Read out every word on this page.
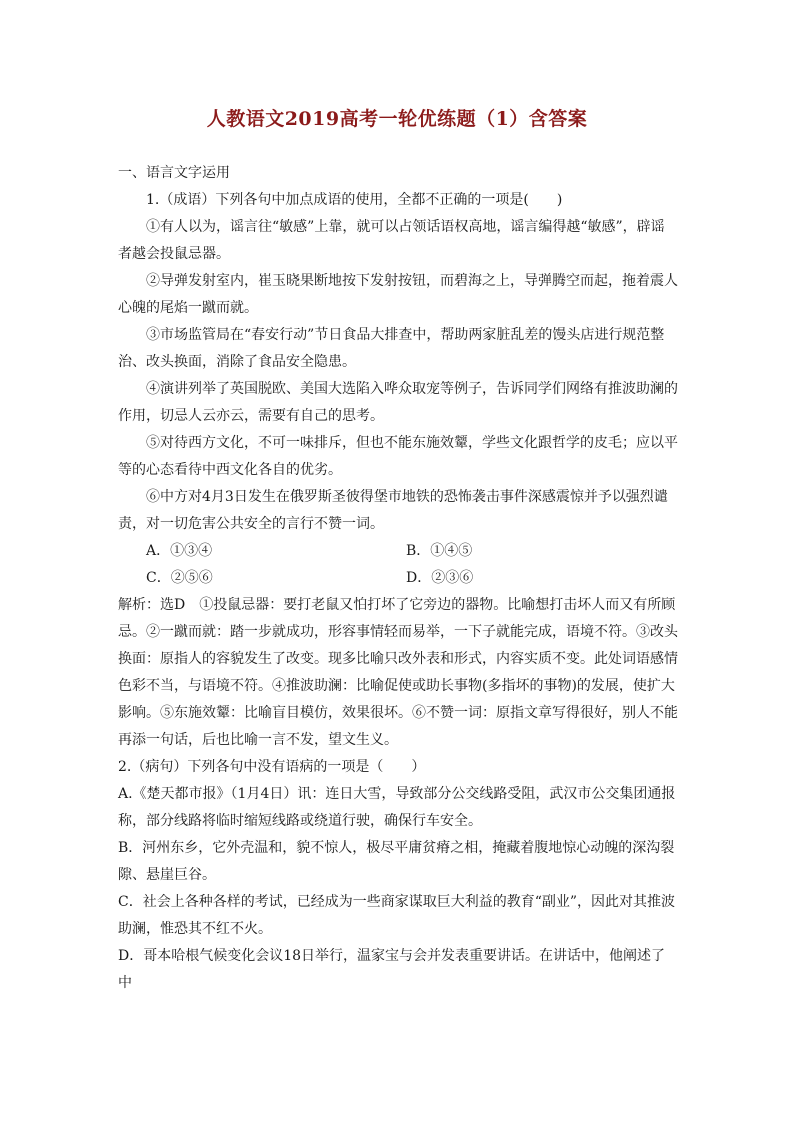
人教语文2019高考一轮优练题（1）含答案

一、语言文字运用

1.（成语）下列各句中加点成语的使用，全都不正确的一项是(　　)

①有人以为，谣言往“敏感”上靠，就可以占领话语权高地，谣言编得越“敏感”，辟谣者越会投鼠忌器。

②导弹发射室内，崔玉晓果断地按下发射按钮，而碧海之上，导弹腾空而起，拖着震人心魄的尾焰一蹴而就。

③市场监管局在“春安行动”节日食品大排查中，帮助两家脏乱差的馒头店进行规范整治、改头换面，消除了食品安全隐患。

④演讲列举了英国脱欧、美国大选陷入哗众取宠等例子，告诉同学们网络有推波助澜的作用，切忌人云亦云，需要有自己的思考。

⑤对待西方文化，不可一味排斥，但也不能东施效颦，学些文化跟哲学的皮毛；应以平等的心态看待中西文化各自的优劣。

⑥中方对4月3日发生在俄罗斯圣彼得堡市地铁的恐怖袭击事件深感震惊并予以强烈谴责，对一切危害公共安全的言行不赞一词。

A．①③④	B．①④⑤
C．②⑤⑥	D．②③⑥

解析：选D　①投鼠忌器：要打老鼠又怕打坏了它旁边的器物。比喻想打击坏人而又有所顾忌。②一蹴而就：踏一步就成功，形容事情轻而易举，一下子就能完成，语境不符。③改头换面：原指人的容貌发生了改变。现多比喻只改外表和形式，内容实质不变。此处词语感情色彩不当，与语境不符。④推波助澜：比喻促使或助长事物(多指坏的事物)的发展，使扩大影响。⑤东施效颦：比喻盲目模仿，效果很坏。⑥不赞一词：原指文章写得很好，别人不能再添一句话，后也比喻一言不发，望文生义。

2.（病句）下列各句中没有语病的一项是（　　）

A.《楚天都市报》（1月4日）讯：连日大雪，导致部分公交线路受阻，武汉市公交集团通报称，部分线路将临时缩短线路或绕道行驶，确保行车安全。

B．河州东乡，它外壳温和，貌不惊人，极尽平庸贫瘠之相，掩藏着腹地惊心动魄的深沟裂隙、悬崖巨谷。

C．社会上各种各样的考试，已经成为一些商家谋取巨大利益的教育“副业”，因此对其推波助澜，惟恐其不红不火。

D．哥本哈根气候变化会议18日举行，温家宝与会并发表重要讲话。在讲话中，他阐述了中
